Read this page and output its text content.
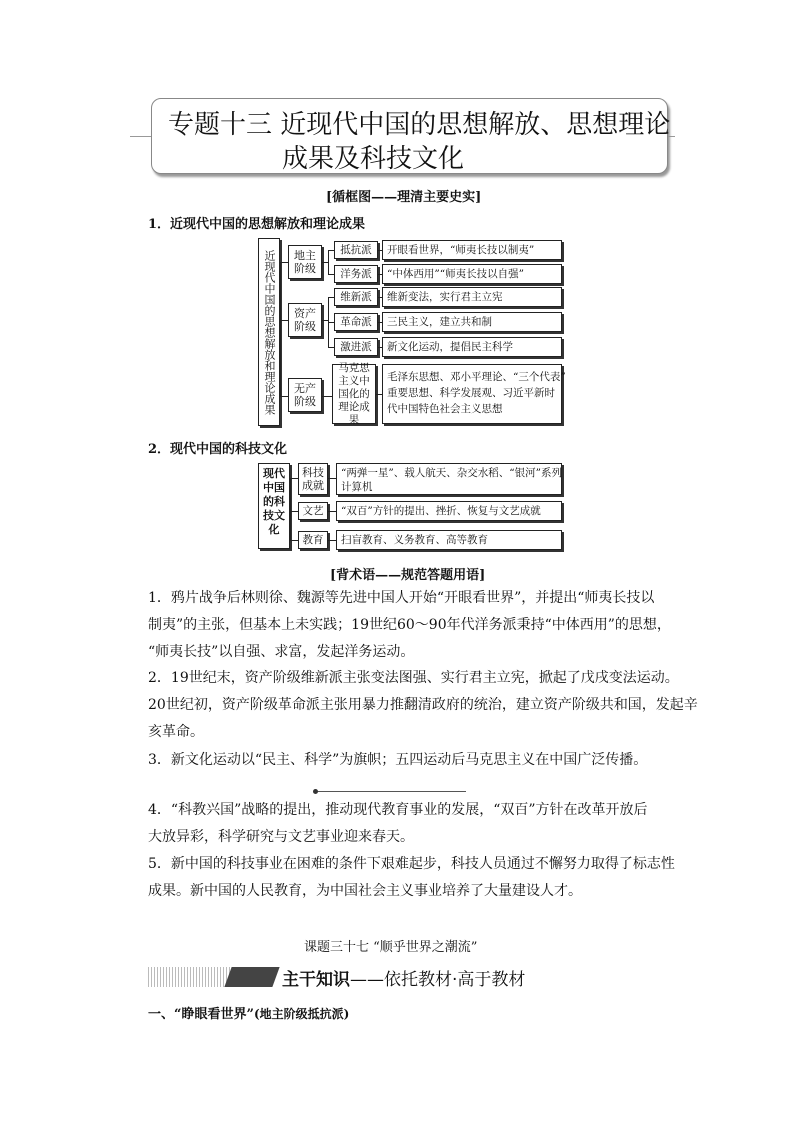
专题十三 近现代中国的思想解放、思想理论
成果及科技文化
[循框图——理清主要史实]
1．近现代中国的思想解放和理论成果
近现代中国的思想解放和理论成果	地主阶级
资产阶级
无产阶级
抵抗派
洋务派
维新派
革命派
激进派
马克思主义中国化的理论成果
开眼看世界，“师夷长技以制夷”
“中体西用”“师夷长技以自强”
维新变法，实行君主立宪
三民主义，建立共和制
新文化运动，提倡民主科学
毛泽东思想、邓小平理论、“三个代表”
重要思想、科学发展观、习近平新时
代中国特色社会主义思想
2．现代中国的科技文化
现代中国的科技文化
科技成就
文艺
教育
“两弹一星”、载人航天、杂交水稻、“银河”系列
计算机
“双百”方针的提出、挫折、恢复与文艺成就
扫盲教育、义务教育、高等教育
[背术语——规范答题用语]
1．鸦片战争后林则徐、魏源等先进中国人开始“开眼看世界”，并提出“师夷长技以
制夷”的主张，但基本上未实践；19世纪60～90年代洋务派秉持“中体西用”的思想，
“师夷长技”以自强、求富，发起洋务运动。
2．19世纪末，资产阶级维新派主张变法图强、实行君主立宪，掀起了戊戌变法运动。
20世纪初，资产阶级革命派主张用暴力推翻清政府的统治，建立资产阶级共和国，发起辛
亥革命。
3．新文化运动以“民主、科学”为旗帜；五四运动后马克思主义在中国广泛传播。
4．“科教兴国”战略的提出，推动现代教育事业的发展，“双百”方针在改革开放后
大放异彩，科学研究与文艺事业迎来春天。
5．新中国的科技事业在困难的条件下艰难起步，科技人员通过不懈努力取得了标志性
成果。新中国的人民教育，为中国社会主义事业培养了大量建设人才。
课题三十七 “顺乎世界之潮流”
主干知识——依托教材·高于教材
一、“睁眼看世界”(地主阶级抵抗派)
